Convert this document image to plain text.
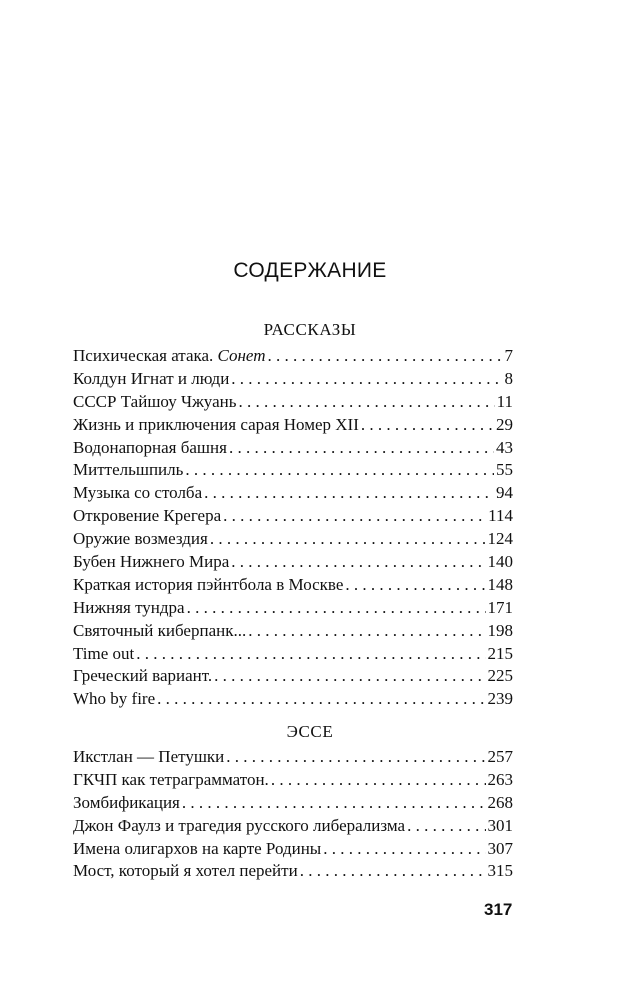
СОДЕРЖАНИЕ
РАССКАЗЫ
Психическая атака. Сонет . . .	7
Колдун Игнат и люди . . .	8
СССР Тайшоу Чжуань . . .	11
Жизнь и приключения сарая Номер XII . . .	29
Водонапорная башня . . .	43
Миттельшпиль . . .	55
Музыка со столба . . .	94
Откровение Крегера . . .	114
Оружие возмездия . . .	124
Бубен Нижнего Мира . . .	140
Краткая история пэйнтбола в Москве . . .	148
Нижняя тундра . . .	171
Святочный киберпанк... . . .	198
Time out . . .	215
Греческий вариант. . . .	225
Who by fire . . .	239
ЭССЕ
Икстлан — Петушки . . .	257
ГКЧП как тетраграмматон. . . .	263
Зомбификация . . .	268
Джон Фаулз и трагедия русского либерализма . . .	301
Имена олигархов на карте Родины . . .	307
Мост, который я хотел перейти . . .	315
317
